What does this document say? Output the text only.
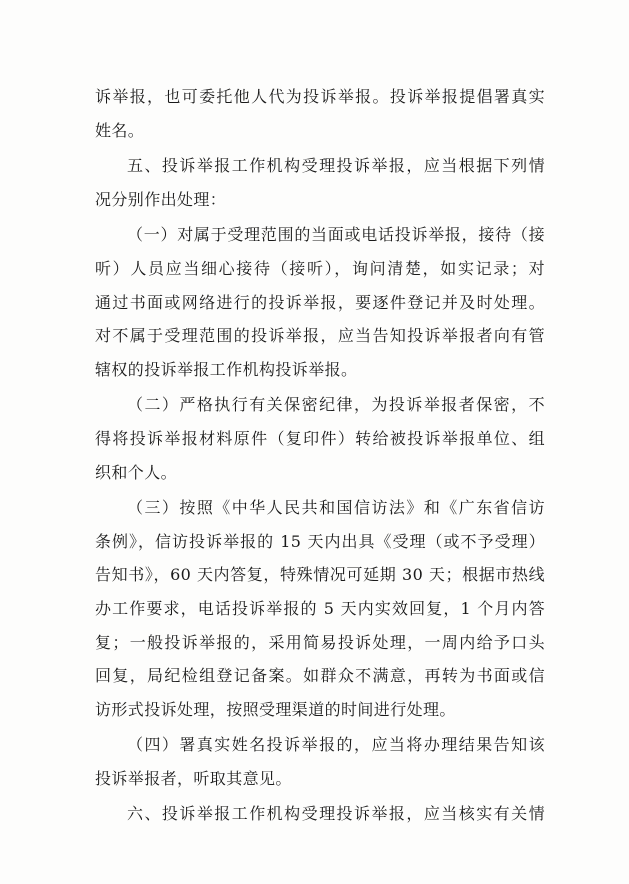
诉举报，也可委托他人代为投诉举报。投诉举报提倡署真实
姓名。

五、投诉举报工作机构受理投诉举报，应当根据下列情
况分别作出处理：

（一）对属于受理范围的当面或电话投诉举报，接待（接
听）人员应当细心接待（接听），询问清楚，如实记录；对
通过书面或网络进行的投诉举报，要逐件登记并及时处理。
对不属于受理范围的投诉举报，应当告知投诉举报者向有管
辖权的投诉举报工作机构投诉举报。

（二）严格执行有关保密纪律，为投诉举报者保密，不
得将投诉举报材料原件（复印件）转给被投诉举报单位、组
织和个人。

（三）按照《中华人民共和国信访法》和《广东省信访
条例》，信访投诉举报的 15 天内出具《受理（或不予受理）
告知书》，60 天内答复，特殊情况可延期 30 天；根据市热线
办工作要求，电话投诉举报的 5 天内实效回复，1 个月内答
复；一般投诉举报的，采用简易投诉处理，一周内给予口头
回复，局纪检组登记备案。如群众不满意，再转为书面或信
访形式投诉处理，按照受理渠道的时间进行处理。

（四）署真实姓名投诉举报的，应当将办理结果告知该
投诉举报者，听取其意见。

六、投诉举报工作机构受理投诉举报，应当核实有关情
